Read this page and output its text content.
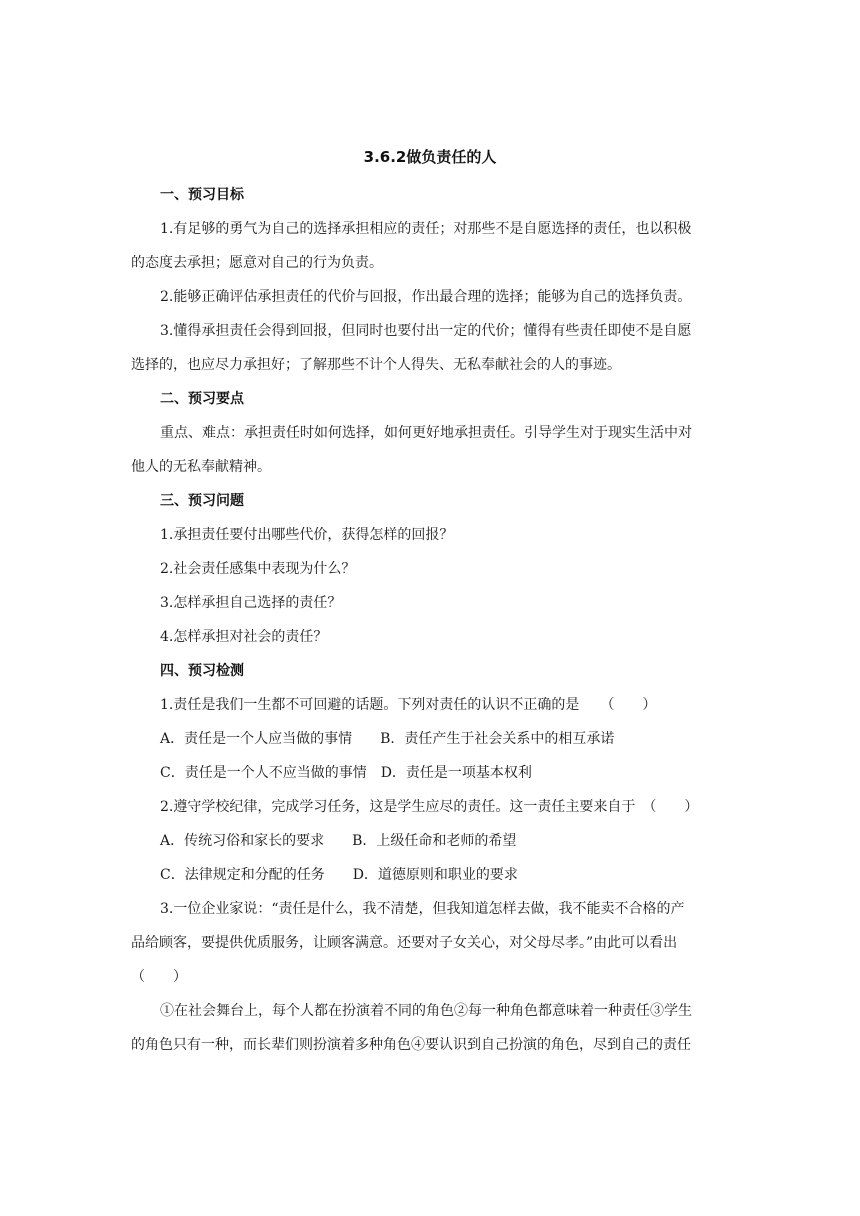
3.6.2做负责任的人
一、预习目标
1.有足够的勇气为自己的选择承担相应的责任；对那些不是自愿选择的责任，也以积极
的态度去承担；愿意对自己的行为负责。
2.能够正确评估承担责任的代价与回报，作出最合理的选择；能够为自己的选择负责。
3.懂得承担责任会得到回报，但同时也要付出一定的代价；懂得有些责任即使不是自愿
选择的，也应尽力承担好；了解那些不计个人得失、无私奉献社会的人的事迹。
二、预习要点
重点、难点：承担责任时如何选择，如何更好地承担责任。引导学生对于现实生活中对
他人的无私奉献精神。
三、预习问题
1.承担责任要付出哪些代价，获得怎样的回报？
2.社会责任感集中表现为什么？
3.怎样承担自己选择的责任？
4.怎样承担对社会的责任？
四、预习检测
1.责任是我们一生都不可回避的话题。下列对责任的认识不正确的是　　（　　）
A．责任是一个人应当做的事情　　B．责任产生于社会关系中的相互承诺
C．责任是一个人不应当做的事情　D．责任是一项基本权利
2.遵守学校纪律，完成学习任务，这是学生应尽的责任。这一责任主要来自于　（　　）
A．传统习俗和家长的要求　　B．上级任命和老师的希望
C．法律规定和分配的任务　　D．道德原则和职业的要求
3.一位企业家说：“责任是什么，我不清楚，但我知道怎样去做，我不能卖不合格的产
品给顾客，要提供优质服务，让顾客满意。还要对子女关心，对父母尽孝。”由此可以看出
（　　）
①在社会舞台上，每个人都在扮演着不同的角色②每一种角色都意味着一种责任③学生
的角色只有一种，而长辈们则扮演着多种角色④要认识到自己扮演的角色，尽到自己的责任
